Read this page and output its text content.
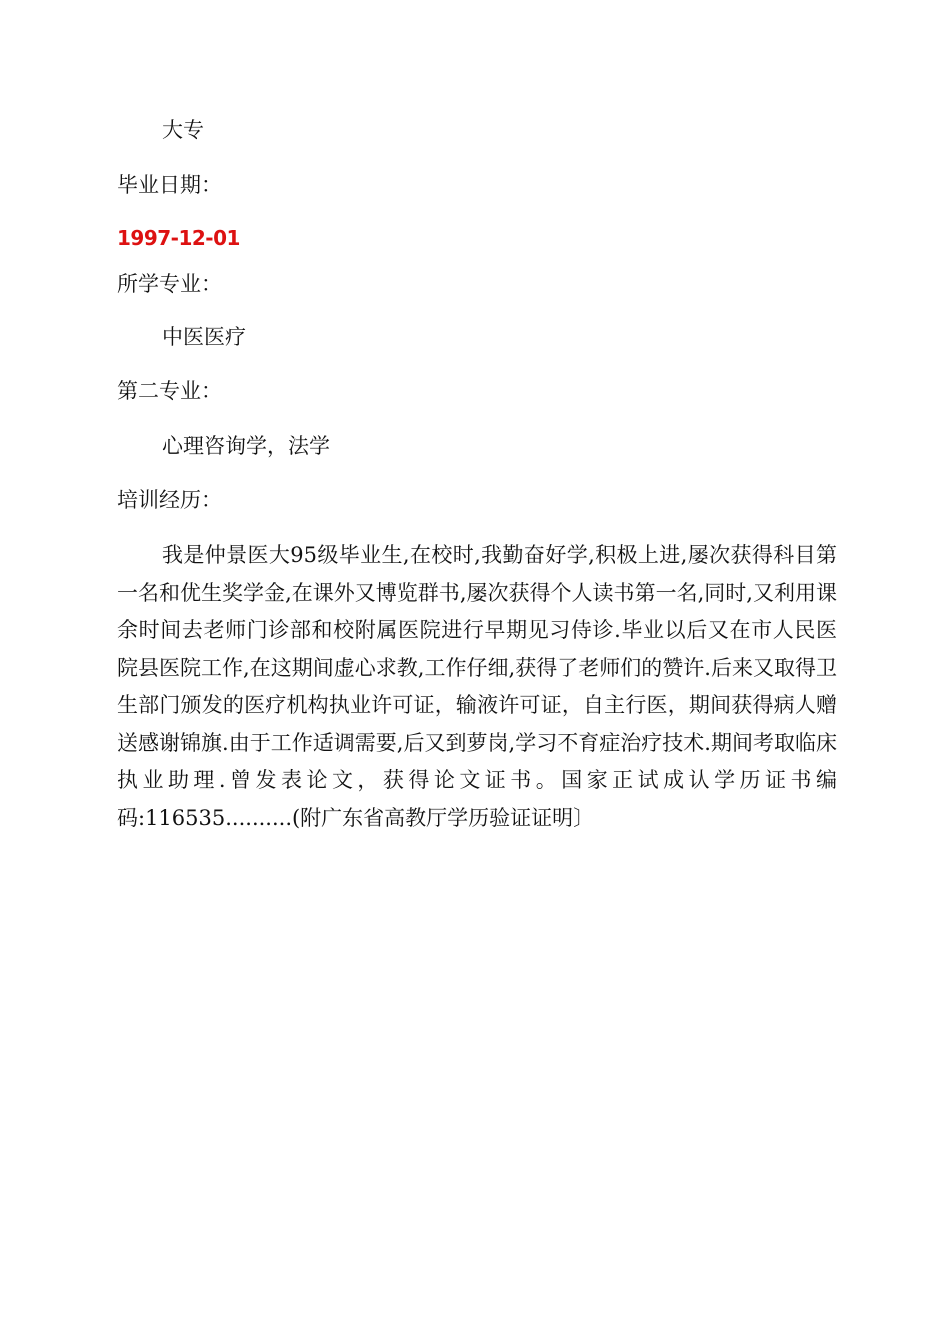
大专
毕业日期：
1997-12-01
所学专业：
中医医疗
第二专业：
心理咨询学，法学
培训经历：

我是仲景医大95级毕业生,在校时,我勤奋好学,积极上进,屡次获得科目第一名和优生奖学金,在课外又博览群书,屡次获得个人读书第一名,同时,又利用课余时间去老师门诊部和校附属医院进行早期见习侍诊.毕业以后又在市人民医院县医院工作,在这期间虚心求教,工作仔细,获得了老师们的赞许.后来又取得卫生部门颁发的医疗机构执业许可证，输液许可证，自主行医，期间获得病人赠送感谢锦旗.由于工作适调需要,后又到萝岗,学习不育症治疗技术.期间考取临床执业助理.曾发表论文，获得论文证书。国家正试成认学历证书编码:116535..........(附广东省高教厅学历验证证明〕
